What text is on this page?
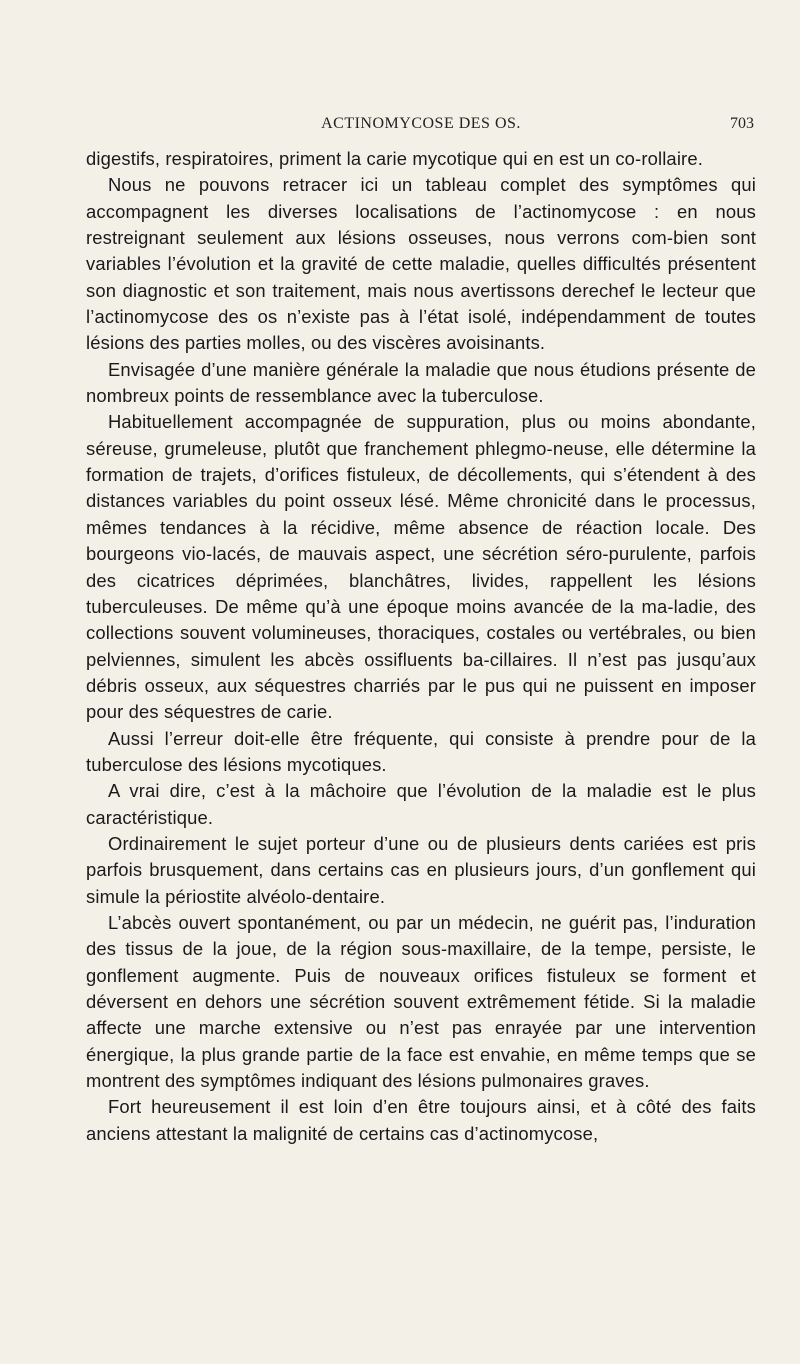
ACTINOMYCOSE DES OS.	703

digestifs, respiratoires, priment la carie mycotique qui en est un co-rollaire.

Nous ne pouvons retracer ici un tableau complet des symptômes qui accompagnent les diverses localisations de l’actinomycose : en nous restreignant seulement aux lésions osseuses, nous verrons com-bien sont variables l’évolution et la gravité de cette maladie, quelles difficultés présentent son diagnostic et son traitement, mais nous avertissons derechef le lecteur que l’actinomycose des os n’existe pas à l’état isolé, indépendamment de toutes lésions des parties molles, ou des viscères avoisinants.

Envisagée d’une manière générale la maladie que nous étudions présente de nombreux points de ressemblance avec la tuberculose.

Habituellement accompagnée de suppuration, plus ou moins abondante, séreuse, grumeleuse, plutôt que franchement phlegmo-neuse, elle détermine la formation de trajets, d’orifices fistuleux, de décollements, qui s’étendent à des distances variables du point osseux lésé. Même chronicité dans le processus, mêmes tendances à la récidive, même absence de réaction locale. Des bourgeons vio-lacés, de mauvais aspect, une sécrétion séro-purulente, parfois des cicatrices déprimées, blanchâtres, livides, rappellent les lésions tuberculeuses. De même qu’à une époque moins avancée de la ma-ladie, des collections souvent volumineuses, thoraciques, costales ou vertébrales, ou bien pelviennes, simulent les abcès ossifluents ba-cillaires. Il n’est pas jusqu’aux débris osseux, aux séquestres charriés par le pus qui ne puissent en imposer pour des séquestres de carie.

Aussi l’erreur doit-elle être fréquente, qui consiste à prendre pour de la tuberculose des lésions mycotiques.

A vrai dire, c’est à la mâchoire que l’évolution de la maladie est le plus caractéristique.

Ordinairement le sujet porteur d’une ou de plusieurs dents cariées est pris parfois brusquement, dans certains cas en plusieurs jours, d’un gonflement qui simule la périostite alvéolo-dentaire.

L’abcès ouvert spontanément, ou par un médecin, ne guérit pas, l’induration des tissus de la joue, de la région sous-maxillaire, de la tempe, persiste, le gonflement augmente. Puis de nouveaux orifices fistuleux se forment et déversent en dehors une sécrétion souvent extrêmement fétide. Si la maladie affecte une marche extensive ou n’est pas enrayée par une intervention énergique, la plus grande partie de la face est envahie, en même temps que se montrent des symptômes indiquant des lésions pulmonaires graves.

Fort heureusement il est loin d’en être toujours ainsi, et à côté des faits anciens attestant la malignité de certains cas d’actinomycose,
